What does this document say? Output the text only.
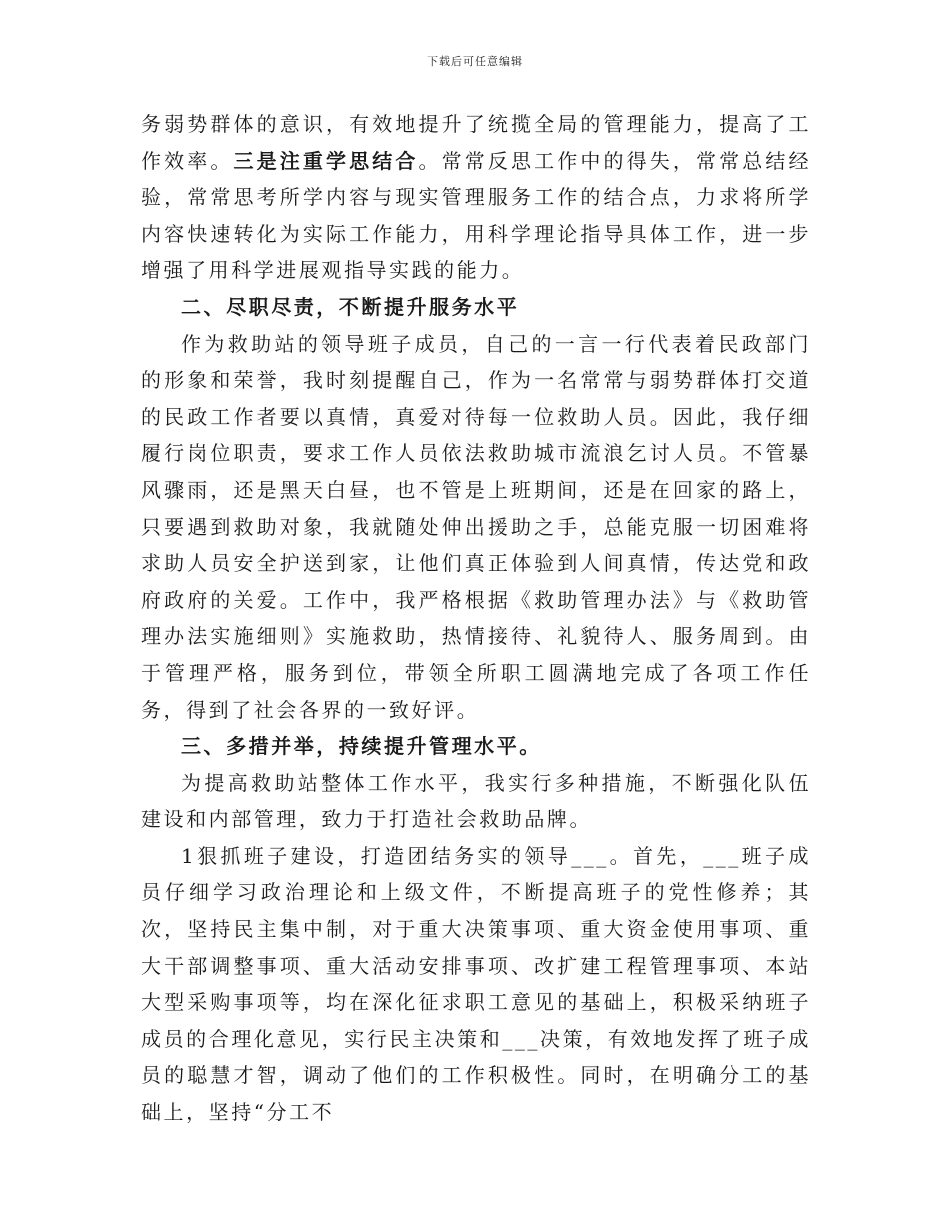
下载后可任意编辑

务弱势群体的意识，有效地提升了统揽全局的管理能力，提高了工作效率。三是注重学思结合。常常反思工作中的得失，常常总结经验，常常思考所学内容与现实管理服务工作的结合点，力求将所学内容快速转化为实际工作能力，用科学理论指导具体工作，进一步增强了用科学进展观指导实践的能力。

二、尽职尽责，不断提升服务水平

作为救助站的领导班子成员，自己的一言一行代表着民政部门的形象和荣誉，我时刻提醒自己，作为一名常常与弱势群体打交道的民政工作者要以真情，真爱对待每一位救助人员。因此，我仔细履行岗位职责，要求工作人员依法救助城市流浪乞讨人员。不管暴风骤雨，还是黑天白昼，也不管是上班期间，还是在回家的路上，只要遇到救助对象，我就随处伸出援助之手，总能克服一切困难将求助人员安全护送到家，让他们真正体验到人间真情，传达党和政府政府的关爱。工作中，我严格根据《救助管理办法》与《救助管理办法实施细则》实施救助，热情接待、礼貌待人、服务周到。由于管理严格，服务到位，带领全所职工圆满地完成了各项工作任务，得到了社会各界的一致好评。

三、多措并举，持续提升管理水平。

为提高救助站整体工作水平，我实行多种措施，不断强化队伍建设和内部管理，致力于打造社会救助品牌。

1狠抓班子建设，打造团结务实的领导___。首先，___班子成员仔细学习政治理论和上级文件，不断提高班子的党性修养；其次，坚持民主集中制，对于重大决策事项、重大资金使用事项、重大干部调整事项、重大活动安排事项、改扩建工程管理事项、本站大型采购事项等，均在深化征求职工意见的基础上，积极采纳班子成员的合理化意见，实行民主决策和___决策，有效地发挥了班子成员的聪慧才智，调动了他们的工作积极性。同时，在明确分工的基础上，坚持“分工不
